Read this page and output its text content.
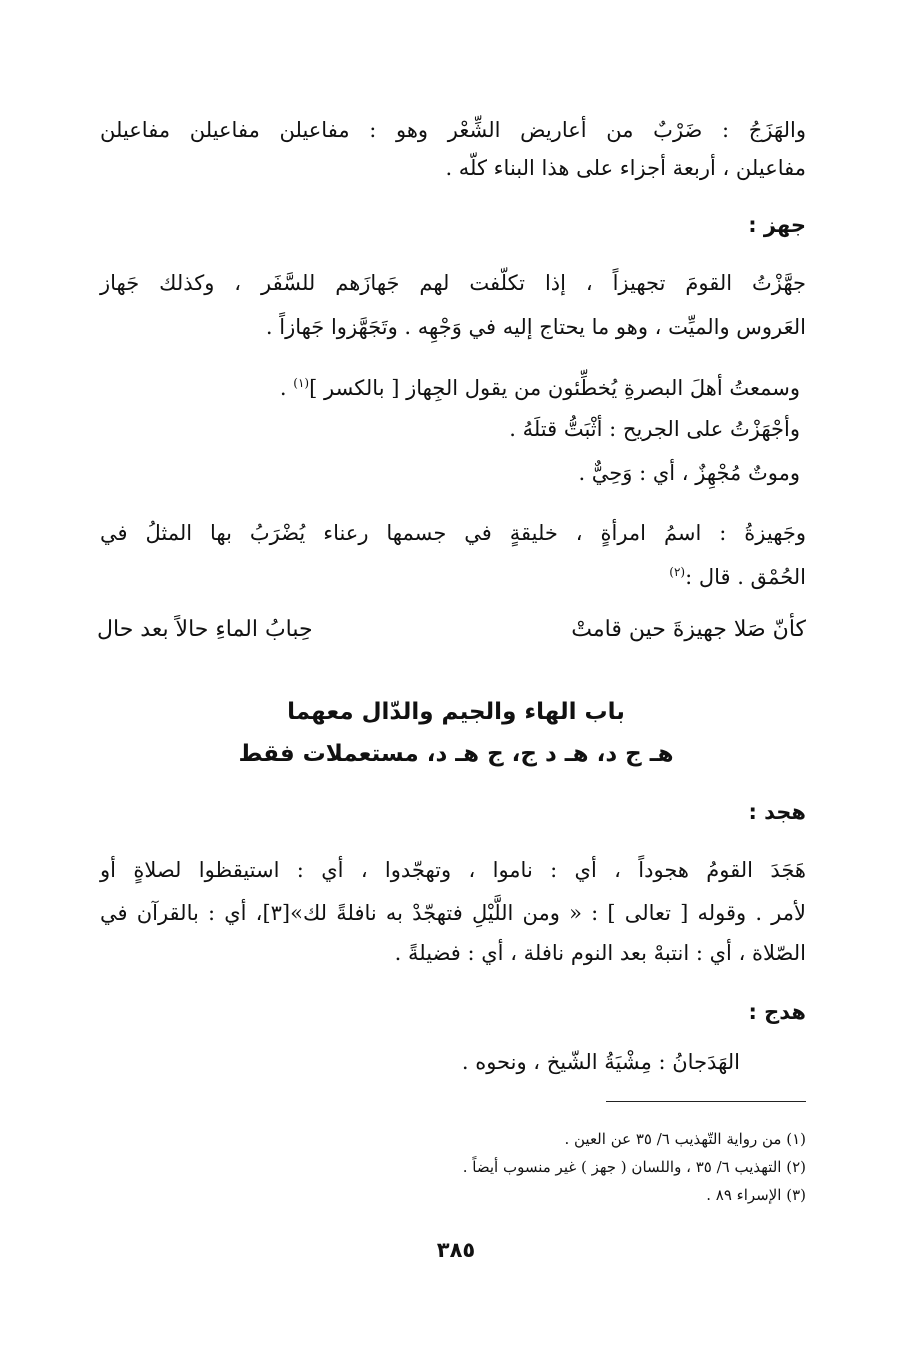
والهَزَجُ : ضَرْبٌ من أعاريض الشِّعْر وهو : مفاعيلن مفاعيلن مفاعيلن
مفاعيلن ، أربعة أجزاء على هذا البناء كلّه .
جهز :
جهَّزْتُ القومَ تجهيزاً ، إذا تكلّفت لهم جَهازَهم للسَّفَر ، وكذلك جَهاز
العَروس والميِّت ، وهو ما يحتاج إليه في وَجْهِه . وتَجَهَّزوا جَهازاً .
وسمعتُ أهلَ البصرةِ يُخطِّئون من يقول الجِهاز [ بالكسر ]$^{(١)}$ .
وأجْهَزْتُ على الجريح : أثْبَتُّ قتلَهُ .
وموتٌ مُجْهِزٌ ، أي : وَحِيٌّ .
وجَهيزةُ : اسمُ امرأةٍ ، خليقةٍ في جسمها رعناء يُضْرَبُ بها المثلُ في
الحُمْق . قال :$^{(٢)}$
كأنّ صَلا جهيزةَ حين قامتْ
حِبابُ الماءِ حالاً بعد حال
باب الهاء والجيم والدّال معهما
هـ ج د، هـ د ج، ج هـ د، مستعملات فقط
هجد :
هَجَدَ القومُ هجوداً ، أي : ناموا ، وتهجّدوا ، أي : استيقظوا لصلاةٍ أو
لأمر . وقوله [ تعالى ] : « ومن اللَّيْلِ فتهجّدْ به نافلةً لك»[٣]، أي : بالقرآن في
الصّلاة ، أي : انتبهْ بعد النوم نافلة ، أي : فضيلةً .
هدج :
الهَدَجانُ : مِشْيَةُ الشّيخ ، ونحوه .
(١) من رواية التّهذيب ٦/ ٣٥ عن العين .
(٢) التهذيب ٦/ ٣٥ ، واللسان ( جهز ) غير منسوب أيضاً .
(٣) الإسراء ٨٩ .
٣٨٥
